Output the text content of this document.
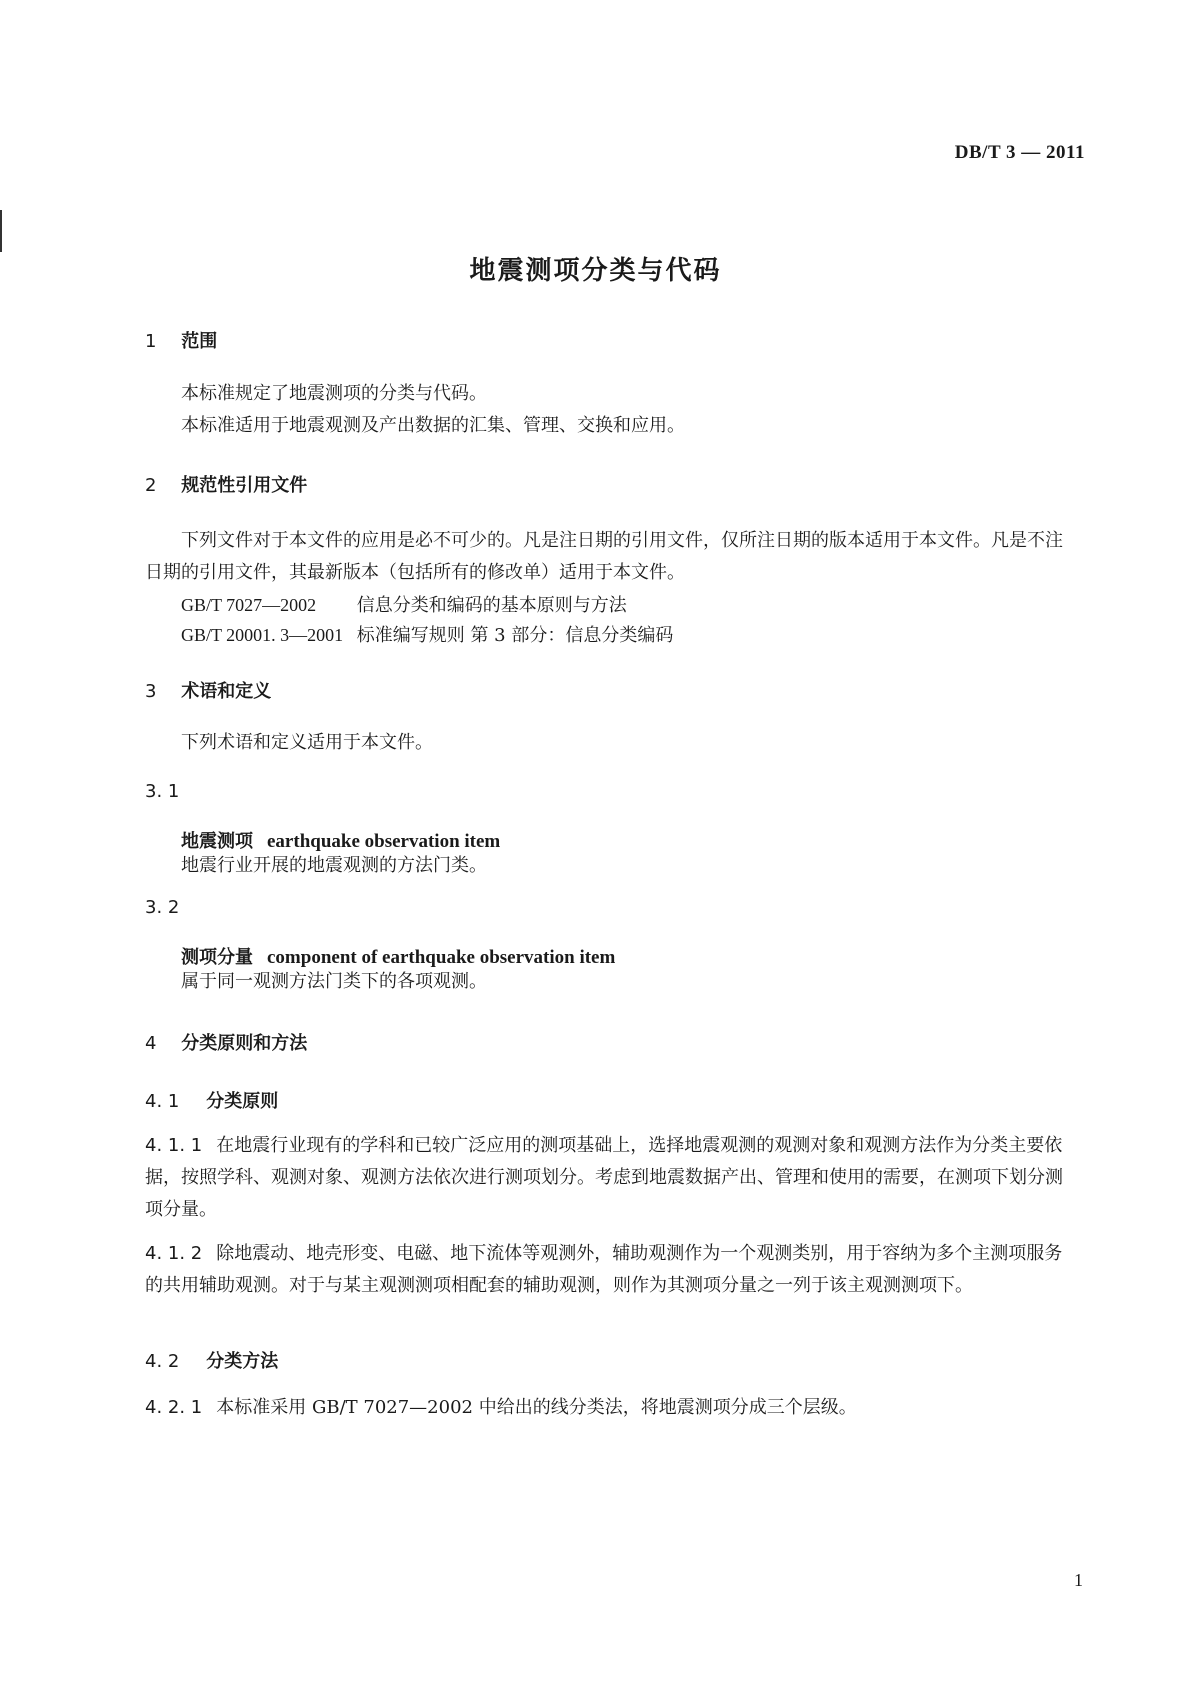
DB/T 3 — 2011
地震测项分类与代码
1 范围
本标准规定了地震测项的分类与代码。
本标准适用于地震观测及产出数据的汇集、管理、交换和应用。
2 规范性引用文件
下列文件对于本文件的应用是必不可少的。凡是注日期的引用文件，仅所注日期的版本适用于本文件。凡是不注日期的引用文件，其最新版本（包括所有的修改单）适用于本文件。
GB/T 7027—2002 信息分类和编码的基本原则与方法
GB/T 20001. 3—2001 标准编写规则 第 3 部分：信息分类编码
3 术语和定义
下列术语和定义适用于本文件。
3. 1
地震测项 earthquake observation item
地震行业开展的地震观测的方法门类。
3. 2
测项分量 component of earthquake observation item
属于同一观测方法门类下的各项观测。
4 分类原则和方法
4. 1 分类原则
4. 1. 1 在地震行业现有的学科和已较广泛应用的测项基础上，选择地震观测的观测对象和观测方法作为分类主要依据，按照学科、观测对象、观测方法依次进行测项划分。考虑到地震数据产出、管理和使用的需要，在测项下划分测项分量。
4. 1. 2 除地震动、地壳形变、电磁、地下流体等观测外，辅助观测作为一个观测类别，用于容纳为多个主测项服务的共用辅助观测。对于与某主观测测项相配套的辅助观测，则作为其测项分量之一列于该主观测测项下。
4. 2 分类方法
4. 2. 1 本标准采用 GB/T 7027—2002 中给出的线分类法，将地震测项分成三个层级。
1
